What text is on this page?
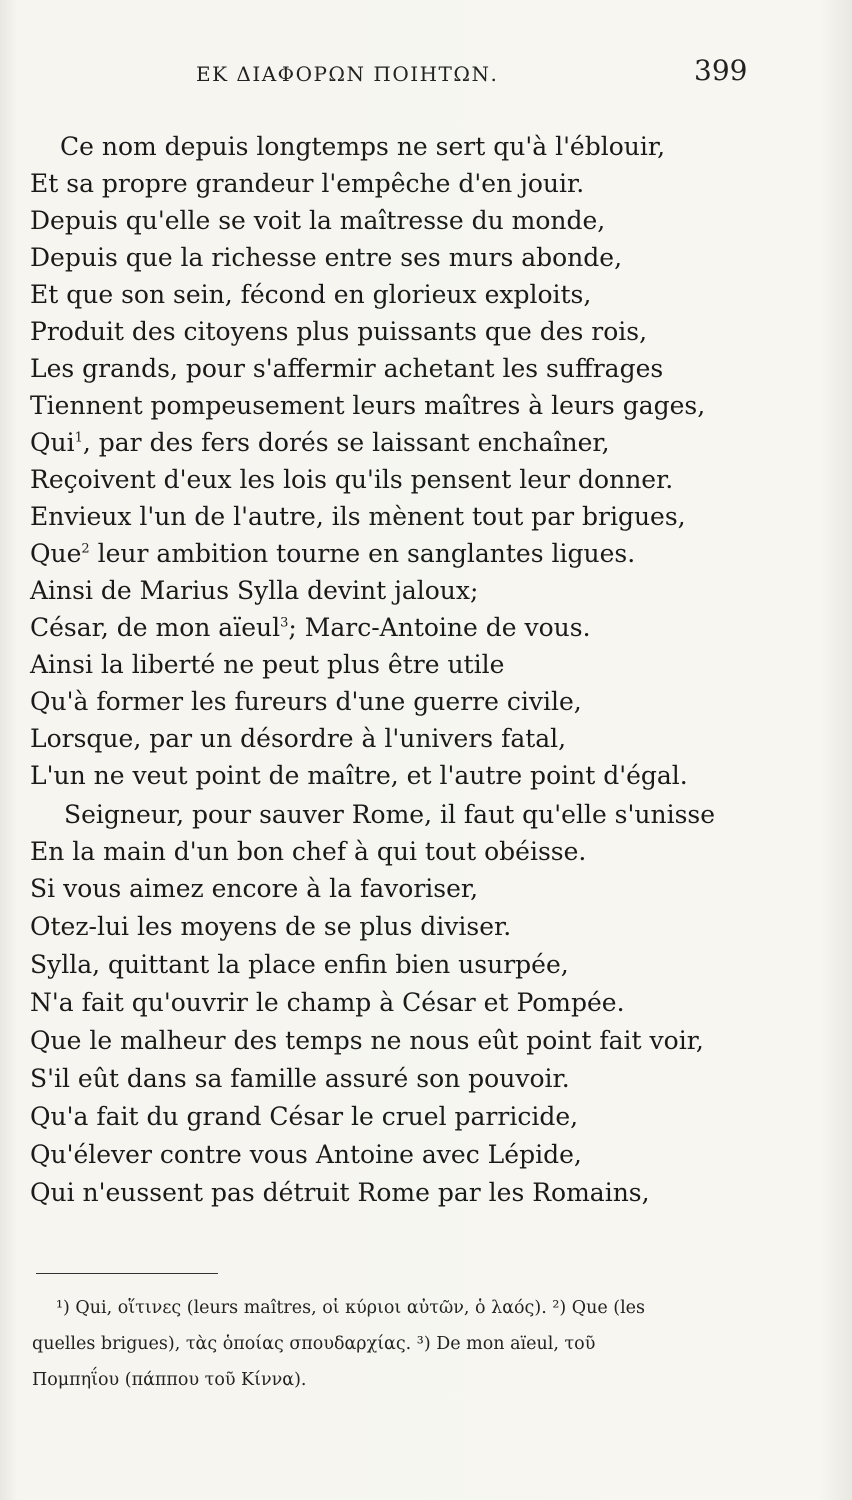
ΕΚ ΔΙΑΦΟΡΩΝ ΠΟΙΗΤΩΝ.	399
Ce nom depuis longtemps ne sert qu'à l'éblouir,
Et sa propre grandeur l'empêche d'en jouir.
Depuis qu'elle se voit la maîtresse du monde,
Depuis que la richesse entre ses murs abonde,
Et que son sein, fécond en glorieux exploits,
Produit des citoyens plus puissants que des rois,
Les grands, pour s'affermir achetant les suffrages
Tiennent pompeusement leurs maîtres à leurs gages,
Qui$^1$, par des fers dorés se laissant enchaîner,
Reçoivent d'eux les lois qu'ils pensent leur donner.
Envieux l'un de l'autre, ils mènent tout par brigues,
Que$^2$ leur ambition tourne en sanglantes ligues.
Ainsi de Marius Sylla devint jaloux;
César, de mon aïeul$^3$; Marc-Antoine de vous.
Ainsi la liberté ne peut plus être utile
Qu'à former les fureurs d'une guerre civile,
Lorsque, par un désordre à l'univers fatal,
L'un ne veut point de maître, et l'autre point d'égal.
Seigneur, pour sauver Rome, il faut qu'elle s'unisse
En la main d'un bon chef à qui tout obéisse.
Si vous aimez encore à la favoriser,
Otez-lui les moyens de se plus diviser.
Sylla, quittant la place enfin bien usurpée,
N'a fait qu'ouvrir le champ à César et Pompée.
Que le malheur des temps ne nous eût point fait voir,
S'il eût dans sa famille assuré son pouvoir.
Qu'a fait du grand César le cruel parricide,
Qu'élever contre vous Antoine avec Lépide,
Qui n'eussent pas détruit Rome par les Romains,
¹) Qui, οἵτινες (leurs maîtres, οἱ κύριοι αὐτῶν, ὁ λαός). ²) Que (les
quelles brigues), τὰς ὁποίας σπουδαρχίας. ³) De mon aïeul, τοῦ
Πομπηΐου (πάππου τοῦ Κίννα).
